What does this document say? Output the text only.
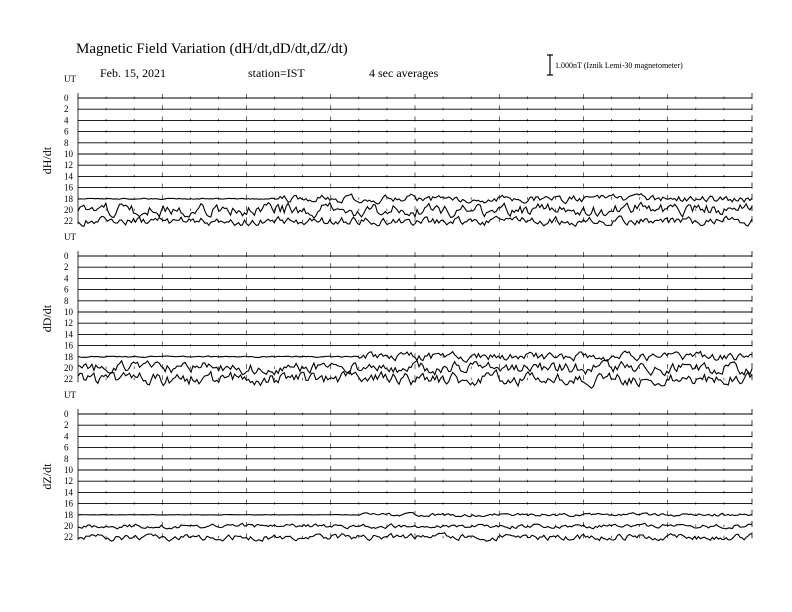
Magnetic Field Variation (dH/dt,dD/dt,dZ/dt)
Feb. 15, 2021	station=IST	4 sec averages
1.000nT (Iznik Lemi-30 magnetometer)
UT
dH/dt
0
2
4
6
8
10
12
14
16
18
20
22
UT
dD/dt
0
2
4
6
8
10
12
14
16
18
20
22
UT
dZ/dt
0
2
4
6
8
10
12
14
16
18
20
22
